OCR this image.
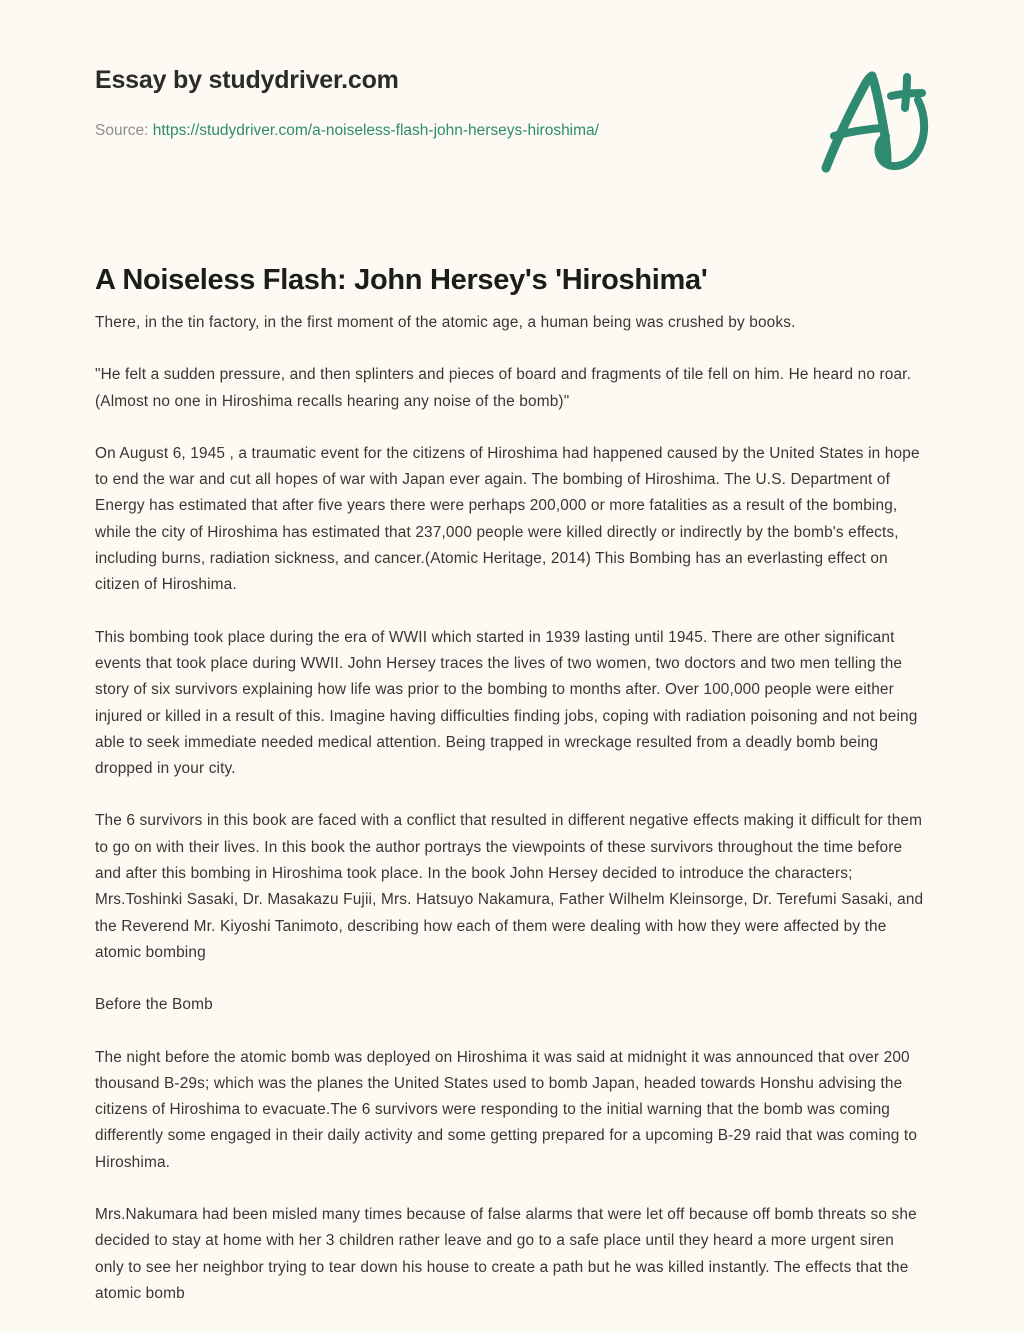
Essay by studydriver.com
Source: https://studydriver.com/a-noiseless-flash-john-herseys-hiroshima/
A Noiseless Flash: John Hersey's 'Hiroshima'

There, in the tin factory, in the first moment of the atomic age, a human being was crushed by books.

"He felt a sudden pressure, and then splinters and pieces of board and fragments of tile fell on him. He heard no roar. (Almost no one in Hiroshima recalls hearing any noise of the bomb)"

On August 6, 1945 , a traumatic event for the citizens of Hiroshima had happened caused by the United States in hope to end the war and cut all hopes of war with Japan ever again. The bombing of Hiroshima. The U.S. Department of Energy has estimated that after five years there were perhaps 200,000 or more fatalities as a result of the bombing, while the city of Hiroshima has estimated that 237,000 people were killed directly or indirectly by the bomb's effects, including burns, radiation sickness, and cancer.(Atomic Heritage, 2014) This Bombing has an everlasting effect on citizen of Hiroshima.

This bombing took place during the era of WWII which started in 1939 lasting until 1945. There are other significant events that took place during WWII. John Hersey traces the lives of two women, two doctors and two men telling the story of six survivors explaining how life was prior to the bombing to months after. Over 100,000 people were either injured or killed in a result of this. Imagine having difficulties finding jobs, coping with radiation poisoning and not being able to seek immediate needed medical attention. Being trapped in wreckage resulted from a deadly bomb being dropped in your city.

The 6 survivors in this book are faced with a conflict that resulted in different negative effects making it difficult for them to go on with their lives. In this book the author portrays the viewpoints of these survivors throughout the time before and after this bombing in Hiroshima took place. In the book John Hersey decided to introduce the characters; Mrs.Toshinki Sasaki, Dr. Masakazu Fujii, Mrs. Hatsuyo Nakamura, Father Wilhelm Kleinsorge, Dr. Terefumi Sasaki, and the Reverend Mr. Kiyoshi Tanimoto, describing how each of them were dealing with how they were affected by the atomic bombing

Before the Bomb

The night before the atomic bomb was deployed on Hiroshima it was said at midnight it was announced that over 200 thousand B-29s; which was the planes the United States used to bomb Japan, headed towards Honshu advising the citizens of Hiroshima to evacuate.The 6 survivors were responding to the initial warning that the bomb was coming differently some engaged in their daily activity and some getting prepared for a upcoming B-29 raid that was coming to Hiroshima.

Mrs.Nakumara had been misled many times because of false alarms that were let off because off bomb threats so she decided to stay at home with her 3 children rather leave and go to a safe place until they heard a more urgent siren only to see her neighbor trying to tear down his house to create a path but he was killed instantly. The effects that the atomic bomb
